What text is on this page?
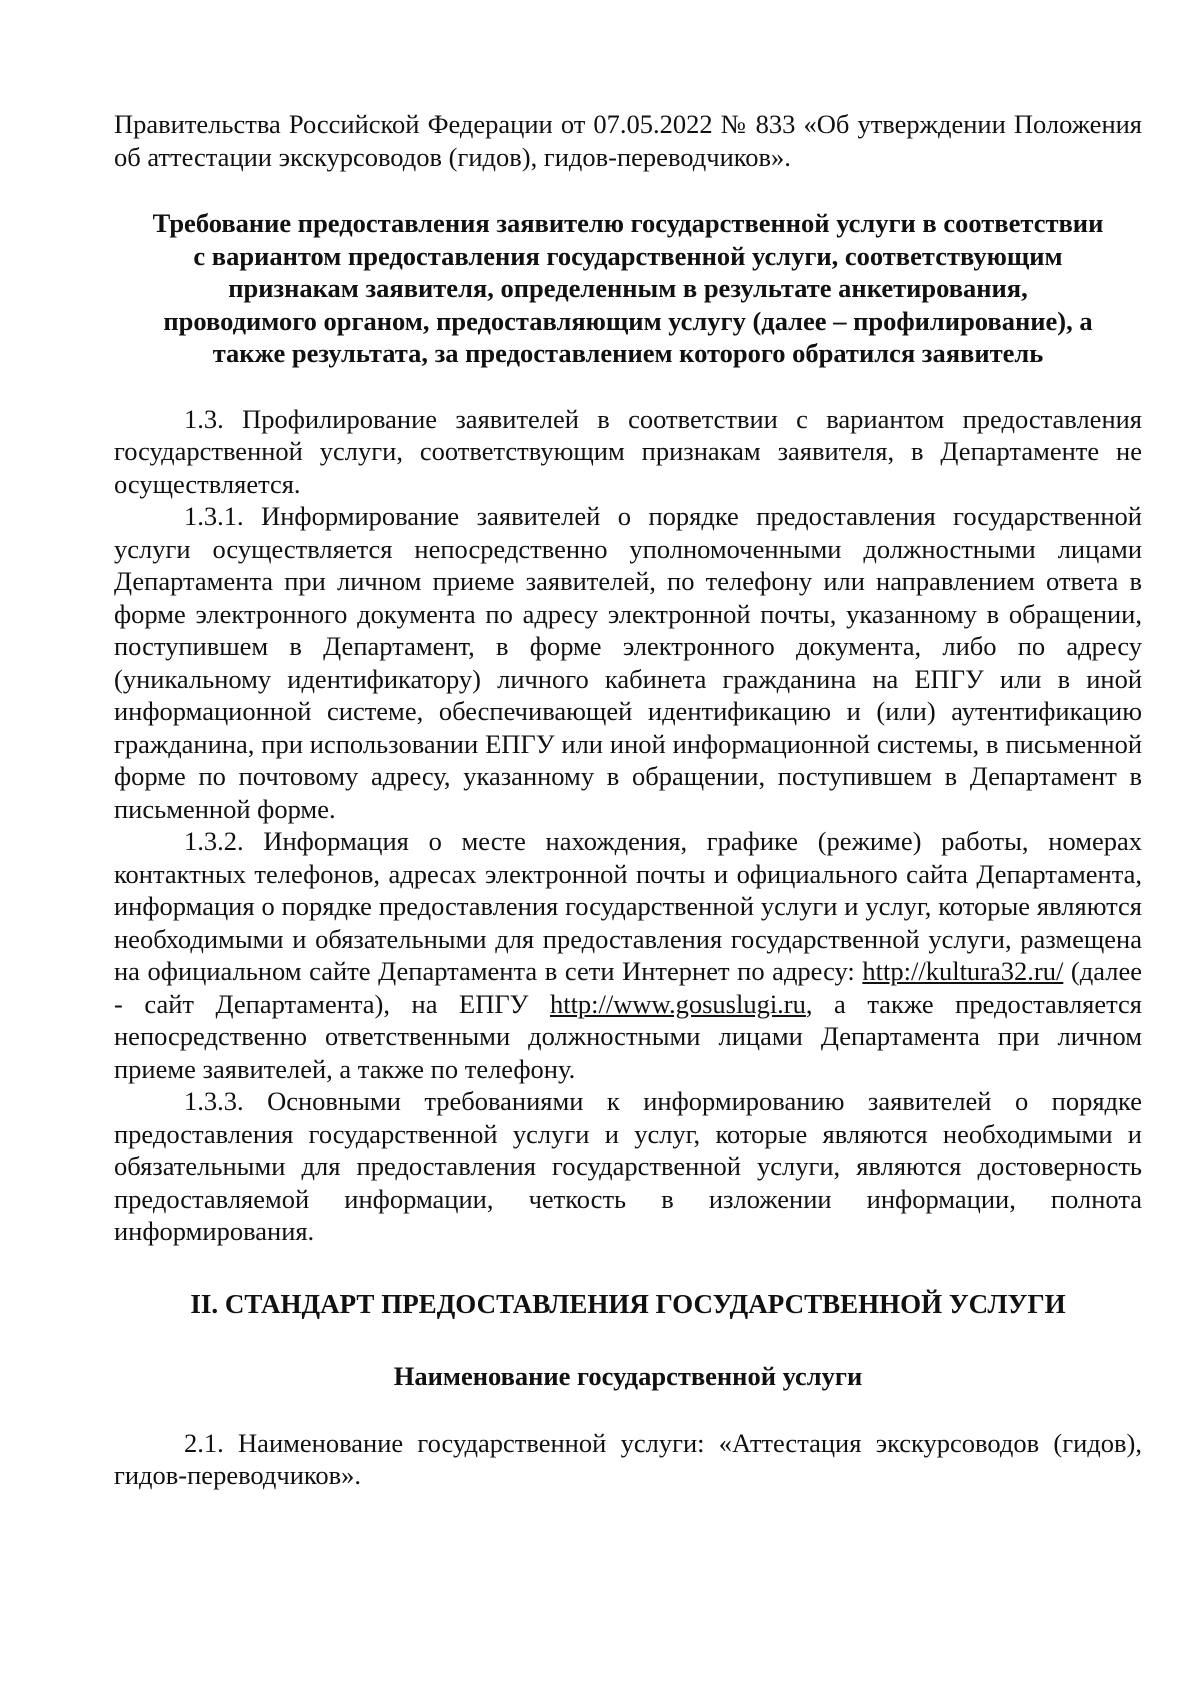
Правительства Российской Федерации от 07.05.2022 № 833 «Об утверждении Положения об аттестации экскурсоводов (гидов), гидов-переводчиков».

Требование предоставления заявителю государственной услуги в соответствии
с вариантом предоставления государственной услуги, соответствующим
признакам заявителя, определенным в результате анкетирования,
проводимого органом, предоставляющим услугу (далее – профилирование), а
также результата, за предоставлением которого обратился заявитель

1.3. Профилирование заявителей в соответствии с вариантом предоставления государственной услуги, соответствующим признакам заявителя, в Департаменте не осуществляется.

1.3.1. Информирование заявителей о порядке предоставления государственной услуги осуществляется непосредственно уполномоченными должностными лицами Департамента при личном приеме заявителей, по телефону или направлением ответа в форме электронного документа по адресу электронной почты, указанному в обращении, поступившем в Департамент, в форме электронного документа, либо по адресу (уникальному идентификатору) личного кабинета гражданина на ЕПГУ или в иной информационной системе, обеспечивающей идентификацию и (или) аутентификацию гражданина, при использовании ЕПГУ или иной информационной системы, в письменной форме по почтовому адресу, указанному в обращении, поступившем в Департамент в письменной форме.

1.3.2. Информация о месте нахождения, графике (режиме) работы, номерах контактных телефонов, адресах электронной почты и официального сайта Департамента, информация о порядке предоставления государственной услуги и услуг, которые являются необходимыми и обязательными для предоставления государственной услуги, размещена на официальном сайте Департамента в сети Интернет по адресу: http://kultura32.ru/ (далее - сайт Департамента), на ЕПГУ http://www.gosuslugi.ru, а также предоставляется непосредственно ответственными должностными лицами Департамента при личном приеме заявителей, а также по телефону.

1.3.3. Основными требованиями к информированию заявителей о порядке предоставления государственной услуги и услуг, которые являются необходимыми и обязательными для предоставления государственной услуги, являются достоверность предоставляемой информации, четкость в изложении информации, полнота информирования.

II. СТАНДАРТ ПРЕДОСТАВЛЕНИЯ ГОСУДАРСТВЕННОЙ УСЛУГИ
Наименование государственной услуги

2.1. Наименование государственной услуги: «Аттестация экскурсоводов (гидов), гидов-переводчиков».
